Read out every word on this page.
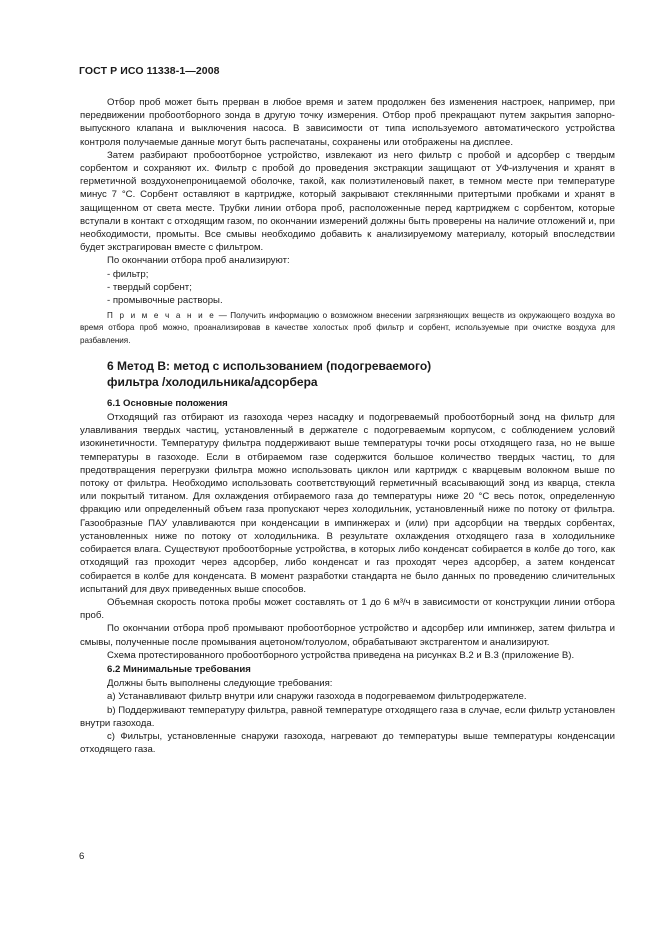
ГОСТ Р ИСО 11338-1—2008

Отбор проб может быть прерван в любое время и затем продолжен без изменения настроек, например, при передвижении пробоотборного зонда в другую точку измерения. Отбор проб прекращают путем закрытия запорно-выпускного клапана и выключения насоса. В зависимости от типа используемого автоматического устройства контроля получаемые данные могут быть распечатаны, сохранены или отображены на дисплее.

Затем разбирают пробоотборное устройство, извлекают из него фильтр с пробой и адсорбер с твердым сорбентом и сохраняют их. Фильтр с пробой до проведения экстракции защищают от УФ-излучения и хранят в герметичной воздухонепроницаемой оболочке, такой, как полиэтиленовый пакет, в темном месте при температуре минус 7 °С. Сорбент оставляют в картридже, который закрывают стеклянными притертыми пробками и хранят в защищенном от света месте. Трубки линии отбора проб, расположенные перед картриджем с сорбентом, которые вступали в контакт с отходящим газом, по окончании измерений должны быть проверены на наличие отложений и, при необходимости, промыты. Все смывы необходимо добавить к анализируемому материалу, который впоследствии будет экстрагирован вместе с фильтром.

По окончании отбора проб анализируют:

- фильтр;

- твердый сорбент;

- промывочные растворы.

П р и м е ч а н и е — Получить информацию о возможном внесении загрязняющих веществ из окружающего воздуха во время отбора проб можно, проанализировав в качестве холостых проб фильтр и сорбент, используемые при очистке воздуха для разбавления.

6 Метод В: метод с использованием (подогреваемого)
фильтра /холодильника/адсорбера

6.1 Основные положения

Отходящий газ отбирают из газохода через насадку и подогреваемый пробоотборный зонд на фильтр для улавливания твердых частиц, установленный в держателе с подогреваемым корпусом, с соблюдением условий изокинетичности. Температуру фильтра поддерживают выше температуры точки росы отходящего газа, но не выше температуры в газоходе. Если в отбираемом газе содержится большое количество твердых частиц, то для предотвращения перегрузки фильтра можно использовать циклон или картридж с кварцевым волокном выше по потоку от фильтра. Необходимо использовать соответствующий герметичный всасывающий зонд из кварца, стекла или покрытый титаном. Для охлаждения отбираемого газа до температуры ниже 20 °С весь поток, определенную фракцию или определенный объем газа пропускают через холодильник, установленный ниже по потоку от фильтра. Газообразные ПАУ улавливаются при конденсации в импинжерах и (или) при адсорбции на твердых сорбентах, установленных ниже по потоку от холодильника. В результате охлаждения отходящего газа в холодильнике собирается влага. Существуют пробоотборные устройства, в которых либо конденсат собирается в колбе до того, как отходящий газ проходит через адсорбер, либо конденсат и газ проходят через адсорбер, а затем конденсат собирается в колбе для конденсата. В момент разработки стандарта не было данных по проведению сличительных испытаний для двух приведенных выше способов.

Объемная скорость потока пробы может составлять от 1 до 6 м³/ч в зависимости от конструкции линии отбора проб.

По окончании отбора проб промывают пробоотборное устройство и адсорбер или импинжер, затем фильтра и смывы, полученные после промывания ацетоном/толуолом, обрабатывают экстрагентом и анализируют.

Схема протестированного пробоотборного устройства приведена на рисунках В.2 и В.3 (приложение В).

6.2 Минимальные требования

Должны быть выполнены следующие требования:

а) Устанавливают фильтр внутри или снаружи газохода в подогреваемом фильтродержателе.

b) Поддерживают температуру фильтра, равной температуре отходящего газа в случае, если фильтр установлен внутри газохода.

с) Фильтры, установленные снаружи газохода, нагревают до температуры выше температуры конденсации отходящего газа.

6
